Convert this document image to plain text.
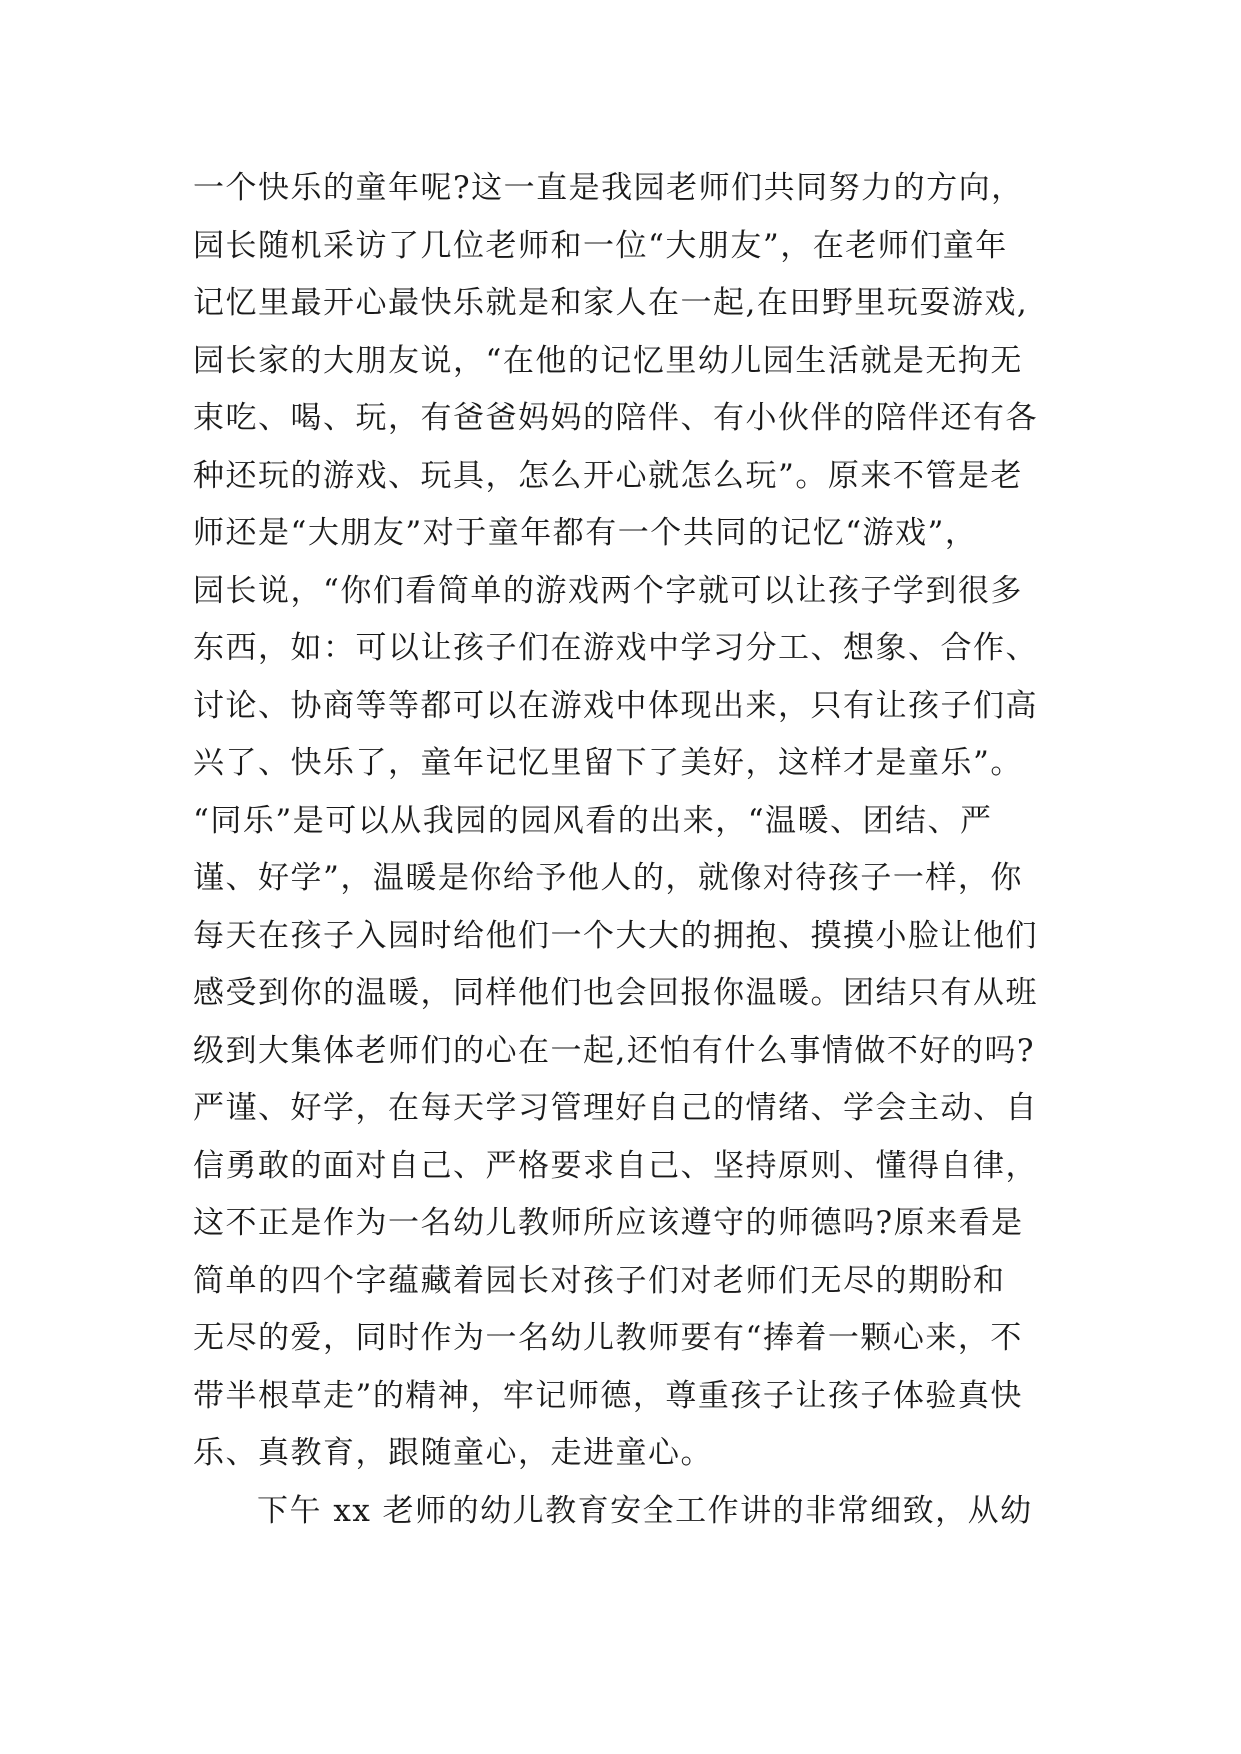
一个快乐的童年呢?这一直是我园老师们共同努力的方向，
园长随机采访了几位老师和一位“大朋友”，在老师们童年
记忆里最开心最快乐就是和家人在一起,在田野里玩耍游戏,
园长家的大朋友说，“在他的记忆里幼儿园生活就是无拘无
束吃、喝、玩，有爸爸妈妈的陪伴、有小伙伴的陪伴还有各
种还玩的游戏、玩具，怎么开心就怎么玩”。原来不管是老
师还是“大朋友”对于童年都有一个共同的记忆“游戏”，
园长说，“你们看简单的游戏两个字就可以让孩子学到很多
东西，如：可以让孩子们在游戏中学习分工、想象、合作、
讨论、协商等等都可以在游戏中体现出来，只有让孩子们高
兴了、快乐了，童年记忆里留下了美好，这样才是童乐”。
“同乐”是可以从我园的园风看的出来，“温暖、团结、严
谨、好学”，温暖是你给予他人的，就像对待孩子一样，你
每天在孩子入园时给他们一个大大的拥抱、摸摸小脸让他们
感受到你的温暖，同样他们也会回报你温暖。团结只有从班
级到大集体老师们的心在一起,还怕有什么事情做不好的吗?
严谨、好学，在每天学习管理好自己的情绪、学会主动、自
信勇敢的面对自己、严格要求自己、坚持原则、懂得自律，
这不正是作为一名幼儿教师所应该遵守的师德吗?原来看是
简单的四个字蕴藏着园长对孩子们对老师们无尽的期盼和
无尽的爱，同时作为一名幼儿教师要有“捧着一颗心来，不
带半根草走”的精神，牢记师德，尊重孩子让孩子体验真快
乐、真教育，跟随童心，走进童心。
下午 xx 老师的幼儿教育安全工作讲的非常细致，从幼
